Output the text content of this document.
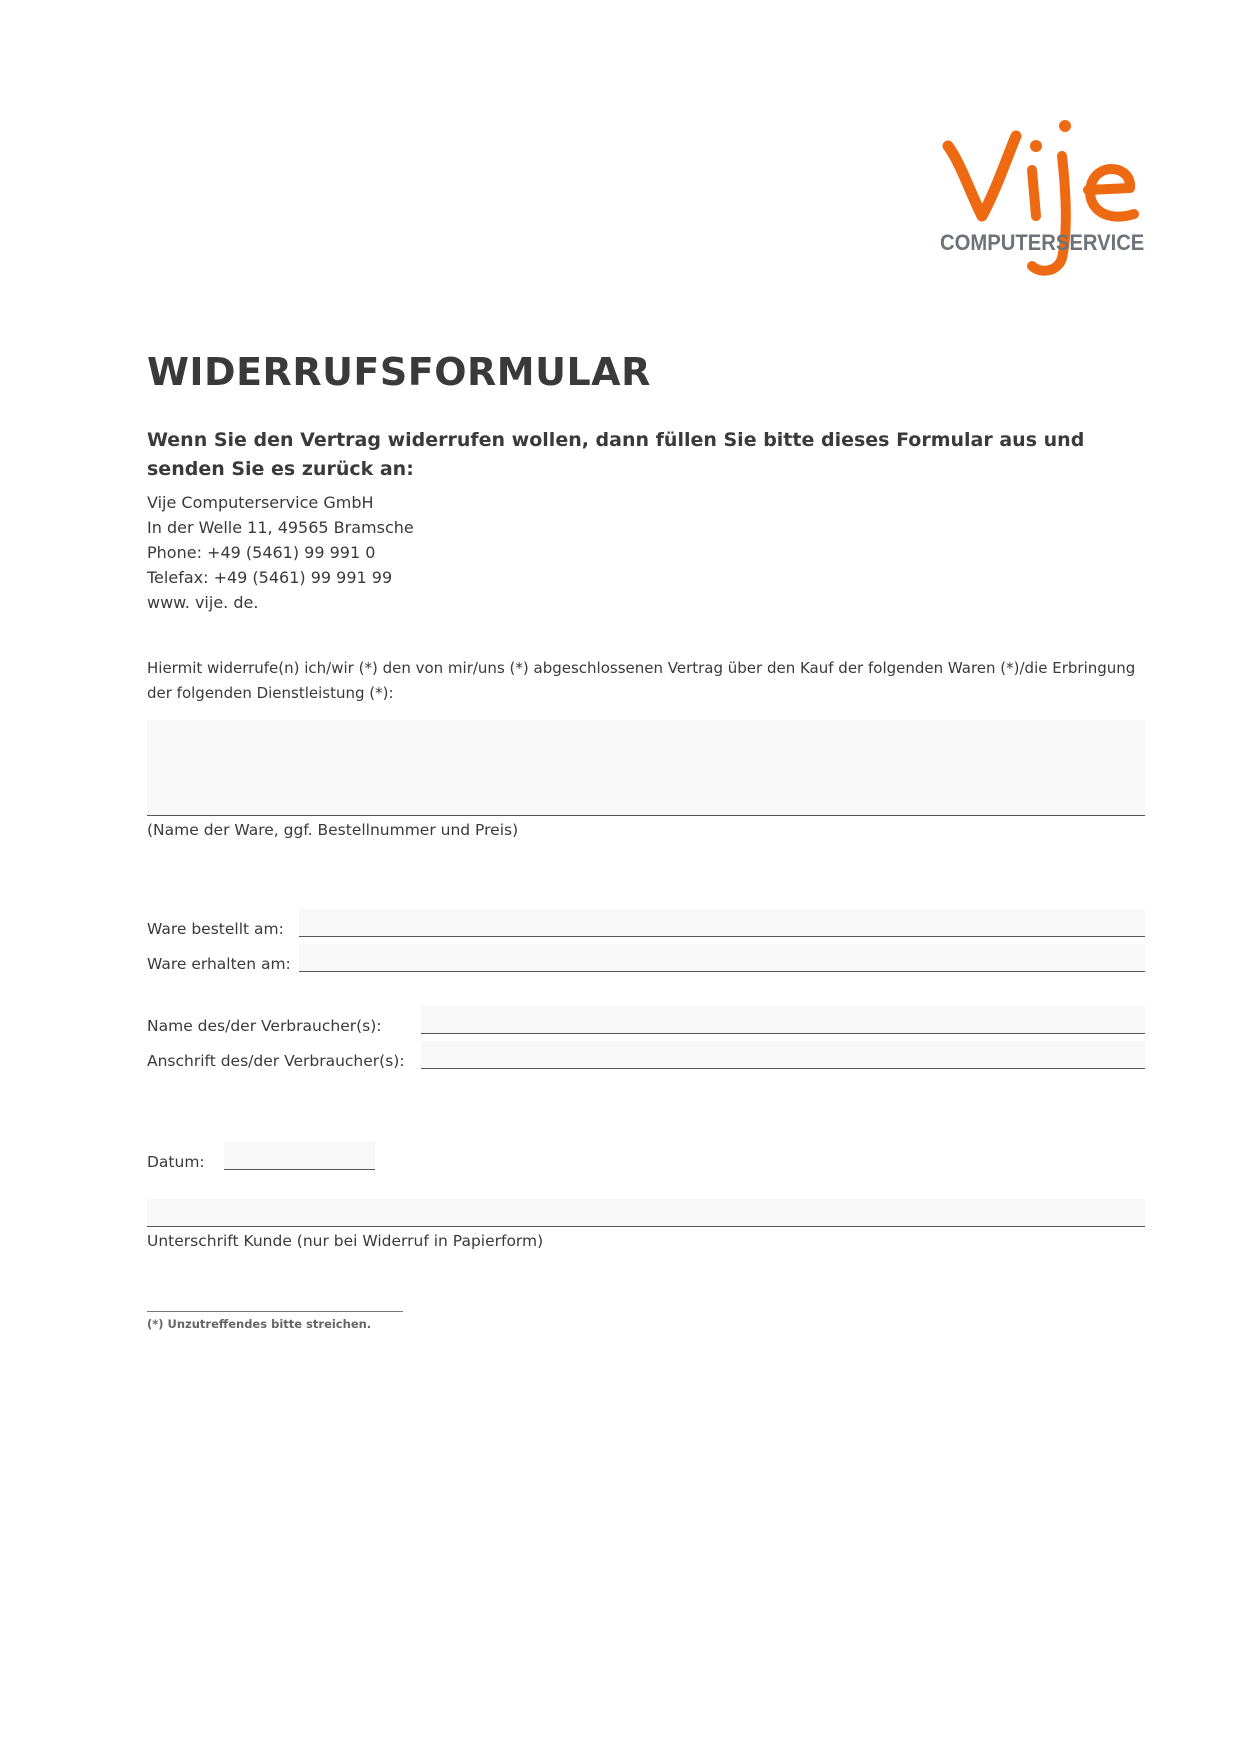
COMPUTERSERVICE
WIDERRUFSFORMULAR
Wenn Sie den Vertrag widerrufen wollen, dann füllen Sie bitte dieses Formular aus und senden Sie es zurück an:
Vije Computerservice GmbH
In der Welle 11, 49565 Bramsche
Phone: +49 (5461) 99 991 0
Telefax: +49 (5461) 99 991 99
www. vije. de.
Hiermit widerrufe(n) ich/wir (*) den von mir/uns (*) abgeschlossenen Vertrag über den Kauf der folgenden Waren (*)/die Erbringung der folgenden Dienstleistung (*):
(Name der Ware, ggf. Bestellnummer und Preis)
Ware bestellt am:
Ware erhalten am:
Name des/der Verbraucher(s):
Anschrift des/der Verbraucher(s):
Datum:
Unterschrift Kunde (nur bei Widerruf in Papierform)
(*) Unzutreffendes bitte streichen.
